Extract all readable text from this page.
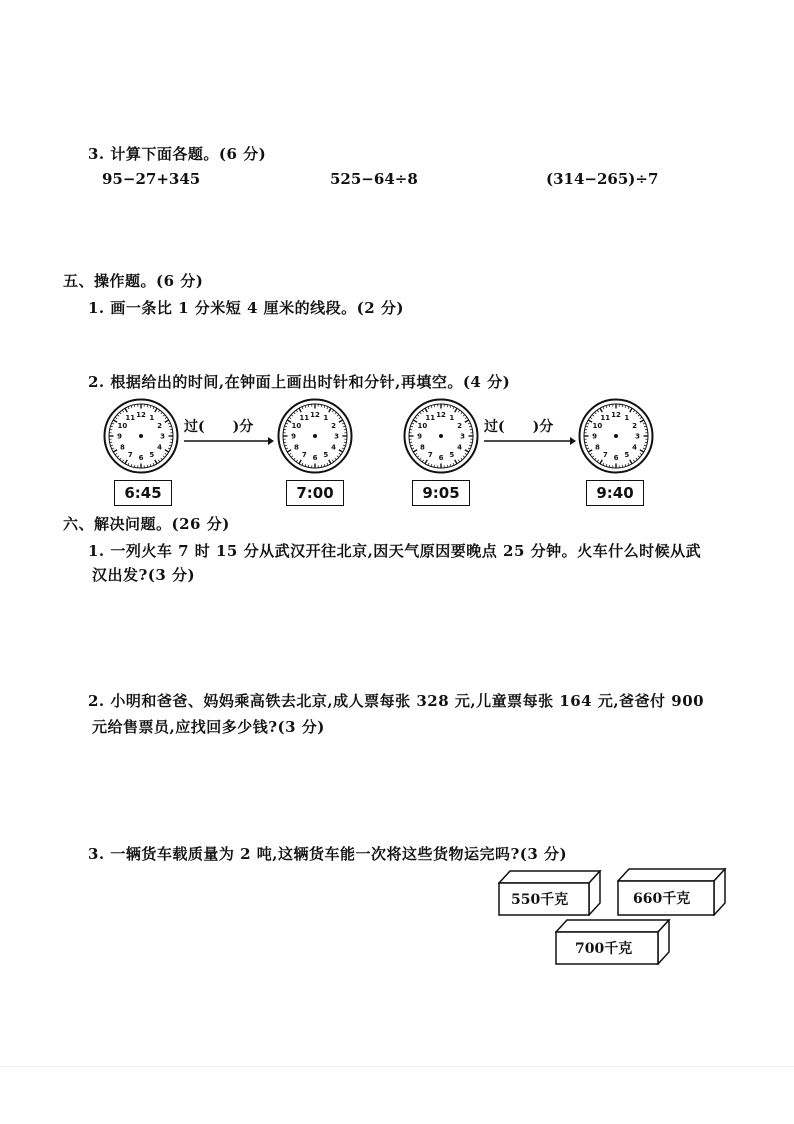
3. 计算下面各题。(6 分)
95−27+345	525−64÷8	(314−265)÷7
五、操作题。(6 分)
1. 画一条比 1 分米短 4 厘米的线段。(2 分)
2. 根据给出的时间,在钟面上画出时针和分针,再填空。(4 分)
1
2
3
4
5
6
7
8
9
10
11 12	1
2
3
4
5
6
7
8
9
10
11 12	1
2
3
4
5
6
7
8
9
10
11 12	1
2
3
4
5
6
7
8
9
10
11 12
过(　　)分	过(　　)分
6:45	7:00	9:05	9:40
六、解决问题。(26 分)
1. 一列火车 7 时 15 分从武汉开往北京,因天气原因要晚点 25 分钟。火车什么时候从武
汉出发?(3 分)
2. 小明和爸爸、妈妈乘高铁去北京,成人票每张 328 元,儿童票每张 164 元,爸爸付 900
元给售票员,应找回多少钱?(3 分)
3. 一辆货车载质量为 2 吨,这辆货车能一次将这些货物运完吗?(3 分)
550千克	660千克
700千克
